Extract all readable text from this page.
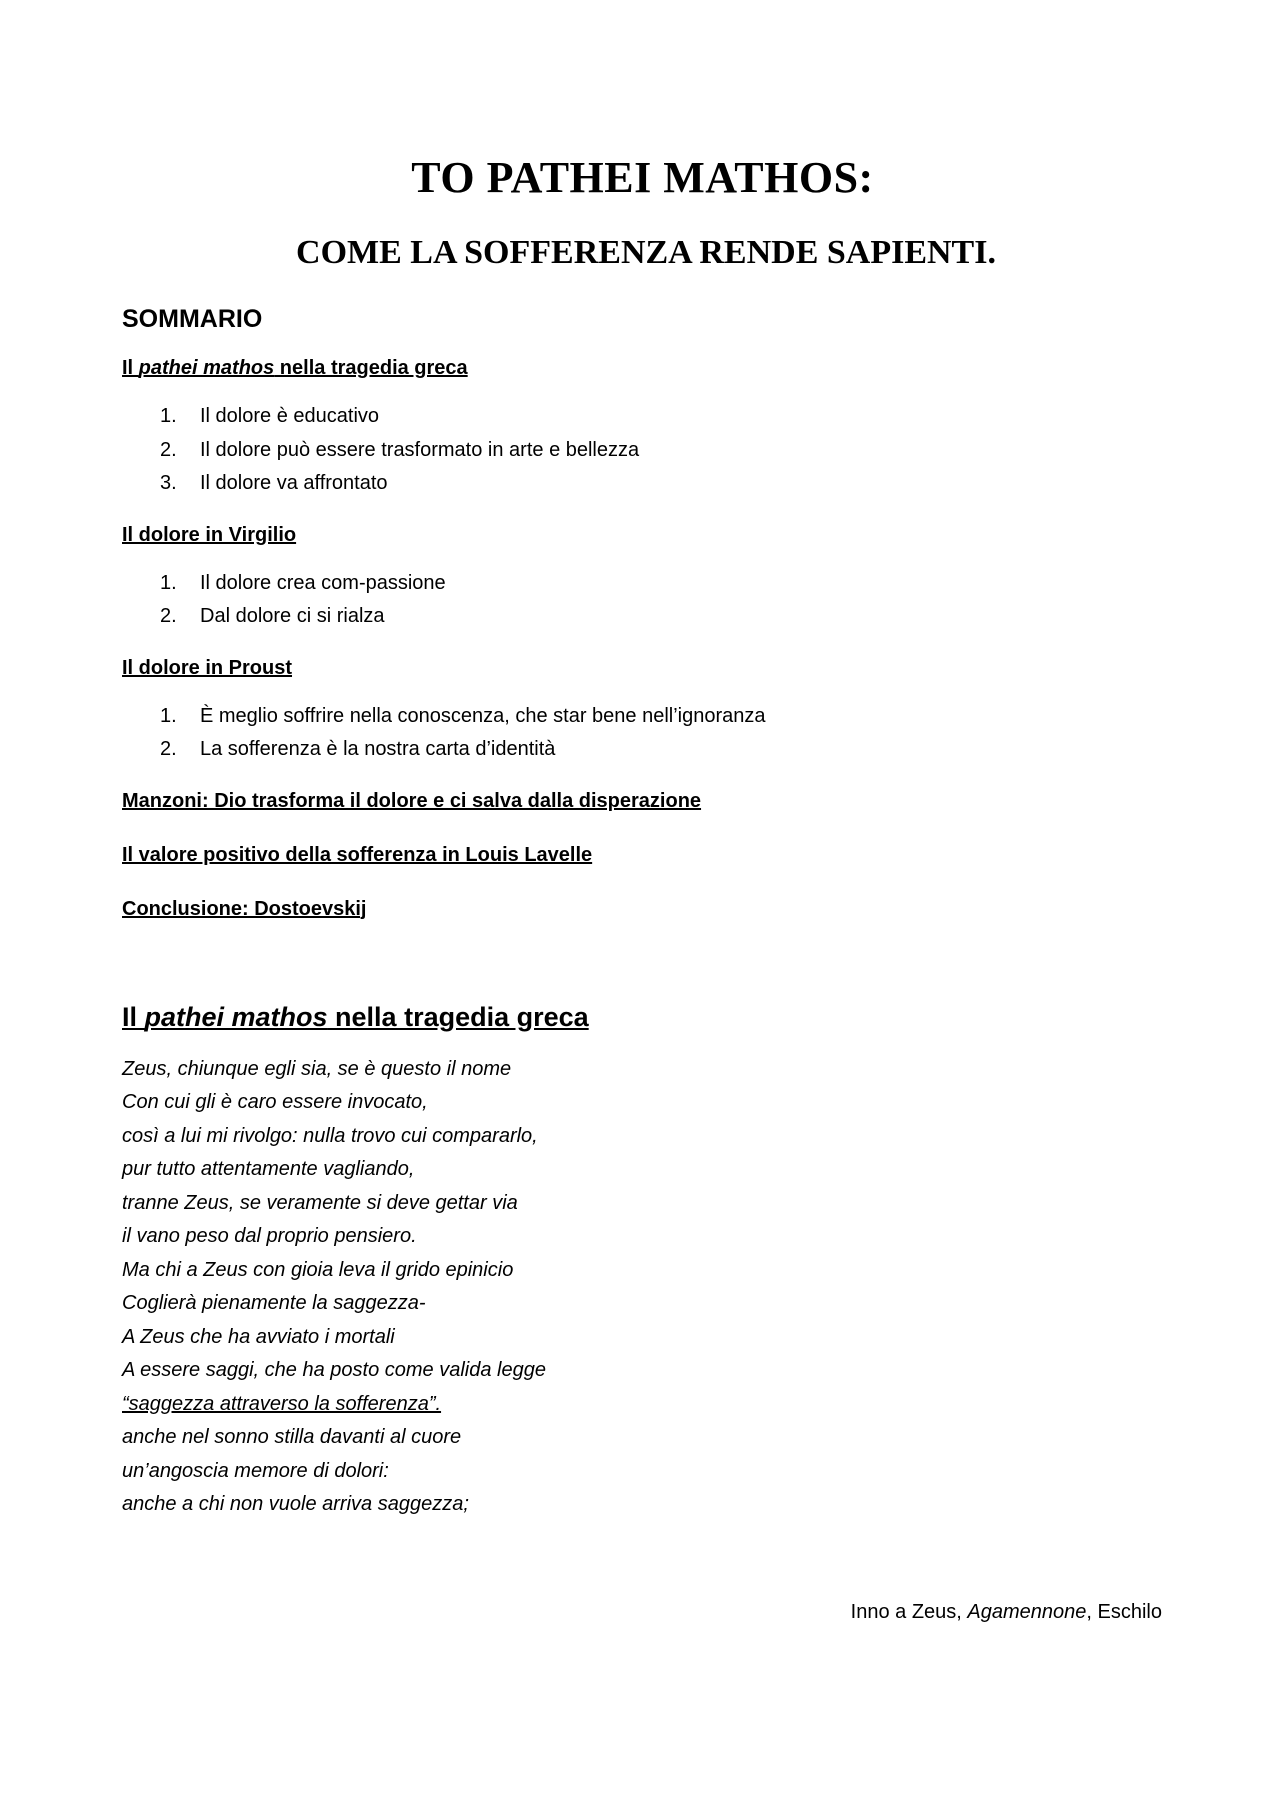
TO PATHEI MATHOS:
COME LA SOFFERENZA RENDE SAPIENTI.
SOMMARIO
Il pathei mathos nella tragedia greca
1.	Il dolore è educativo
2.	Il dolore può essere trasformato in arte e bellezza
3.	Il dolore va affrontato
Il dolore in Virgilio
1.	Il dolore crea com-passione
2.	Dal dolore ci si rialza
Il dolore in Proust
1.	È meglio soffrire nella conoscenza, che star bene nell’ignoranza
2.	La sofferenza è la nostra carta d’identità
Manzoni: Dio trasforma il dolore e ci salva dalla disperazione
Il valore positivo della sofferenza in Louis Lavelle
Conclusione: Dostoevskij
Il pathei mathos nella tragedia greca
Zeus, chiunque egli sia, se è questo il nome
Con cui gli è caro essere invocato,
così a lui mi rivolgo: nulla trovo cui compararlo,
pur tutto attentamente vagliando,
tranne Zeus, se veramente si deve gettar via
il vano peso dal proprio pensiero.
Ma chi a Zeus con gioia leva il grido epinicio
Coglierà pienamente la saggezza-
A Zeus che ha avviato i mortali
A essere saggi, che ha posto come valida legge
“saggezza attraverso la sofferenza”.
anche nel sonno stilla davanti al cuore
un’angoscia memore di dolori:
anche a chi non vuole arriva saggezza;
Inno a Zeus, Agamennone, Eschilo
